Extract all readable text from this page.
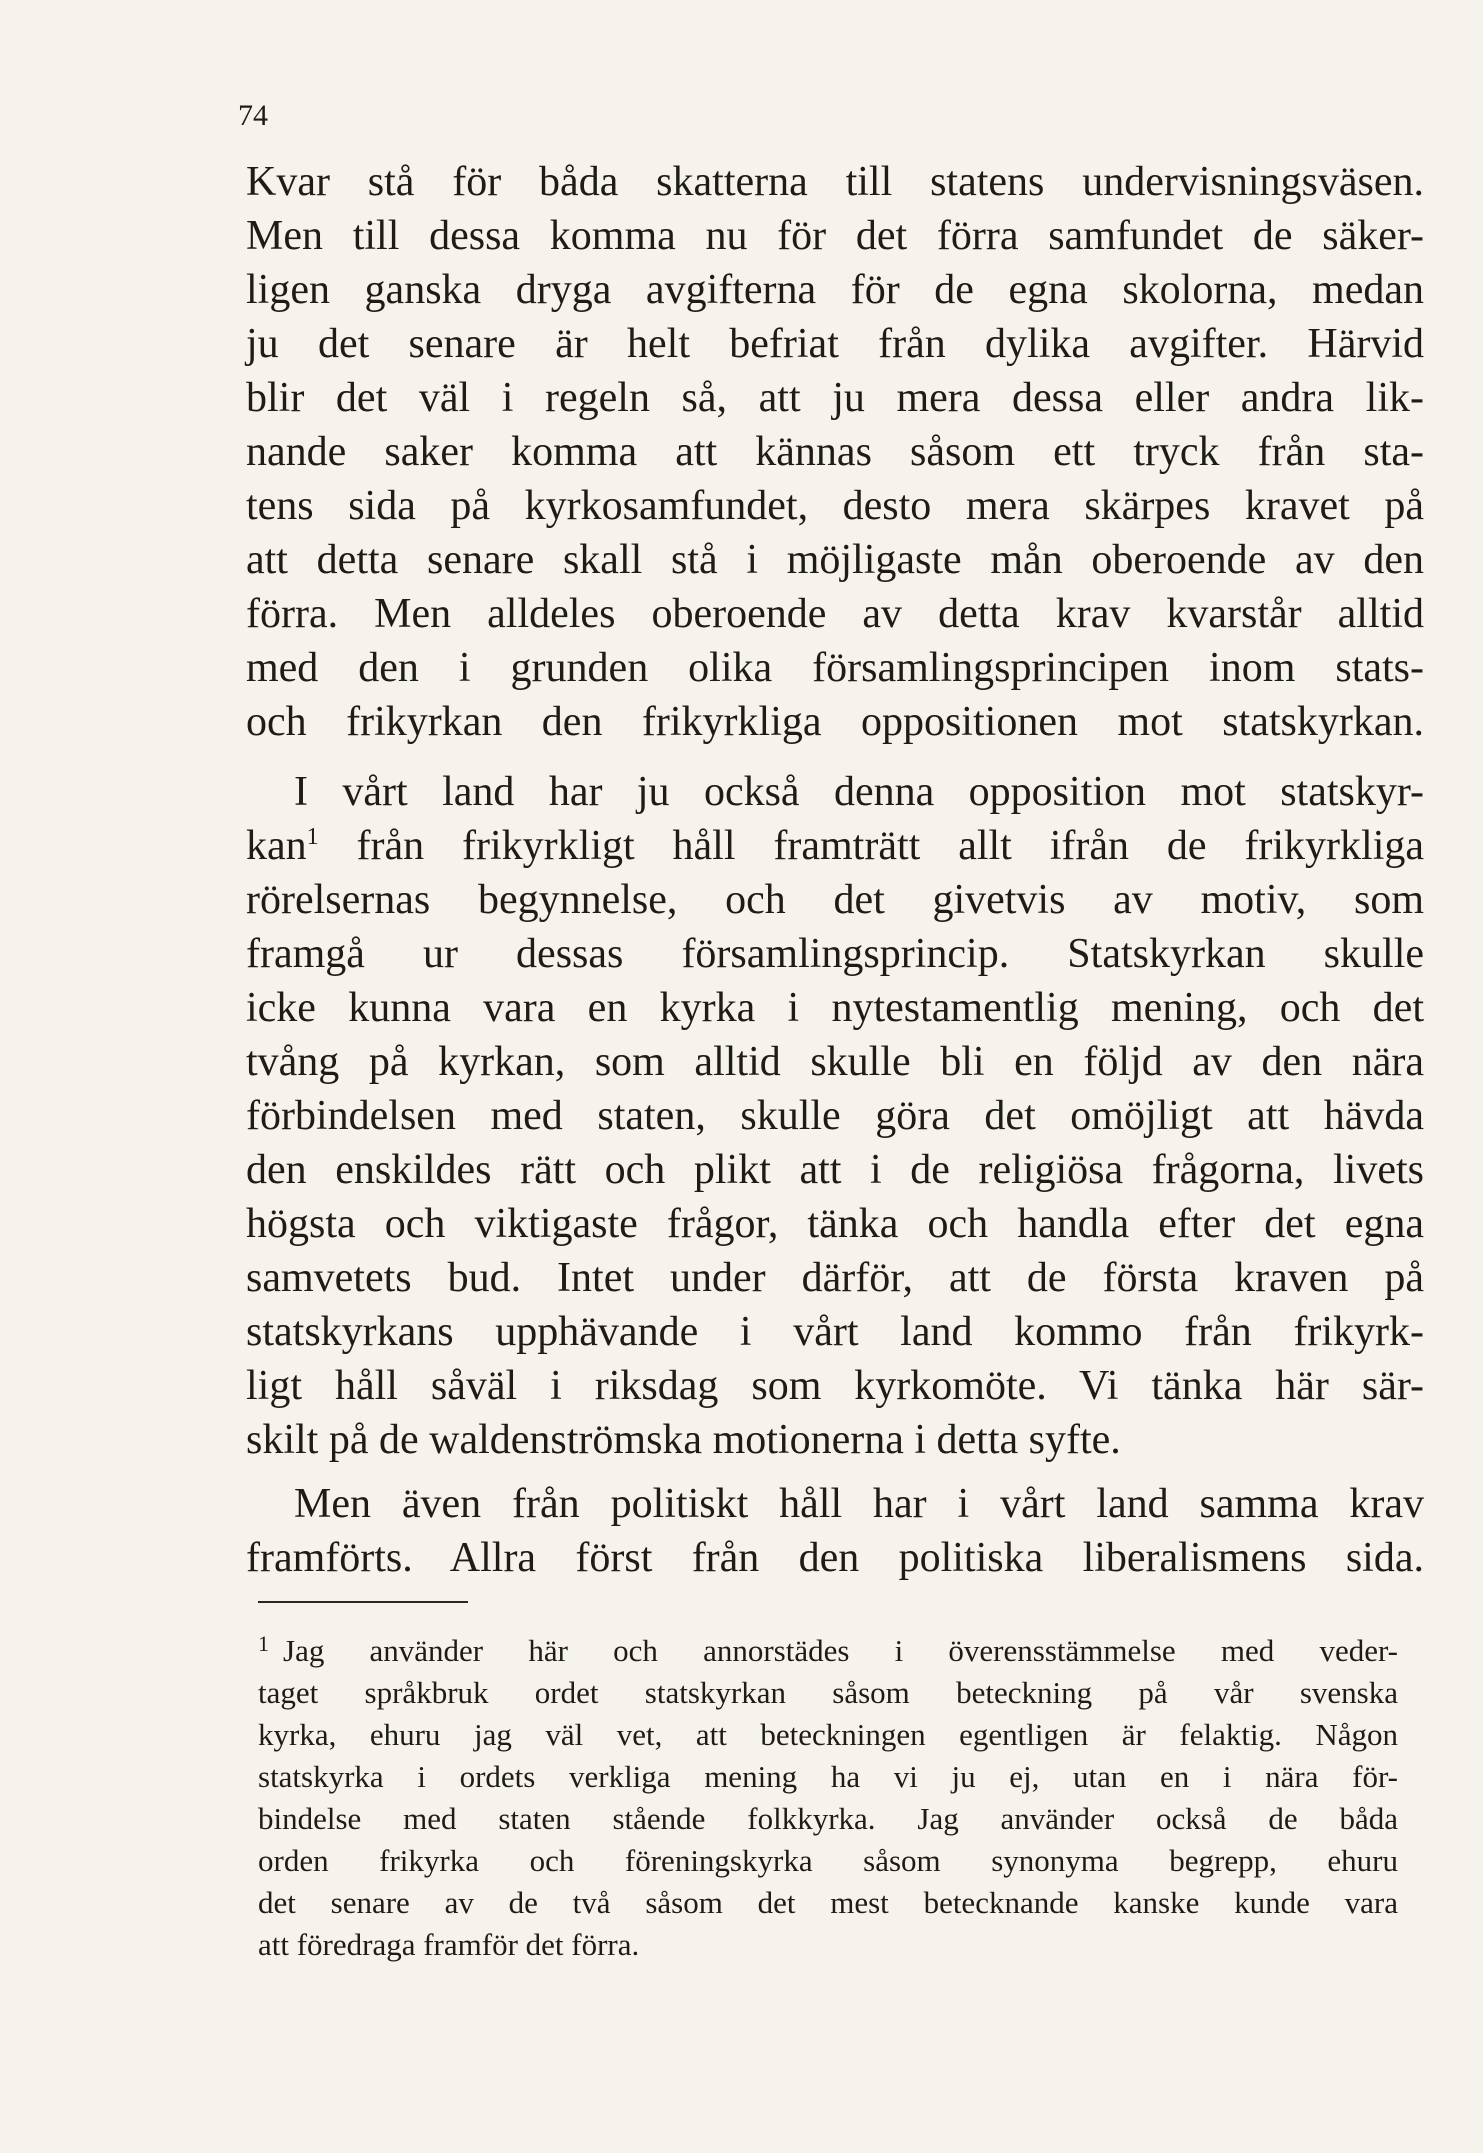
74
Kvar stå för båda skatterna till statens undervisningsväsen.
Men till dessa komma nu för det förra samfundet de säker-
ligen ganska dryga avgifterna för de egna skolorna, medan
ju det senare är helt befriat från dylika avgifter. Härvid
blir det väl i regeln så, att ju mera dessa eller andra lik-
nande saker komma att kännas såsom ett tryck från sta-
tens sida på kyrkosamfundet, desto mera skärpes kravet på
att detta senare skall stå i möjligaste mån oberoende av den
förra. Men alldeles oberoende av detta krav kvarstår alltid
med den i grunden olika församlingsprincipen inom stats-
och frikyrkan den frikyrkliga oppositionen mot statskyrkan.
I vårt land har ju också denna opposition mot statskyr-
kan$^1$ från frikyrkligt håll framträtt allt ifrån de frikyrkliga
rörelsernas begynnelse, och det givetvis av motiv, som
framgå ur dessas församlingsprincip. Statskyrkan skulle
icke kunna vara en kyrka i nytestamentlig mening, och det
tvång på kyrkan, som alltid skulle bli en följd av den nära
förbindelsen med staten, skulle göra det omöjligt att hävda
den enskildes rätt och plikt att i de religiösa frågorna, livets
högsta och viktigaste frågor, tänka och handla efter det egna
samvetets bud. Intet under därför, att de första kraven på
statskyrkans upphävande i vårt land kommo från frikyrk-
ligt håll såväl i riksdag som kyrkomöte. Vi tänka här sär-
skilt på de waldenströmska motionerna i detta syfte.
Men även från politiskt håll har i vårt land samma krav
framförts. Allra först från den politiska liberalismens sida.
$^1$ Jag använder här och annorstädes i överensstämmelse med veder-
taget språkbruk ordet statskyrkan såsom beteckning på vår svenska
kyrka, ehuru jag väl vet, att beteckningen egentligen är felaktig. Någon
statskyrka i ordets verkliga mening ha vi ju ej, utan en i nära för-
bindelse med staten stående folkkyrka. Jag använder också de båda
orden frikyrka och föreningskyrka såsom synonyma begrepp, ehuru
det senare av de två såsom det mest betecknande kanske kunde vara
att föredraga framför det förra.
